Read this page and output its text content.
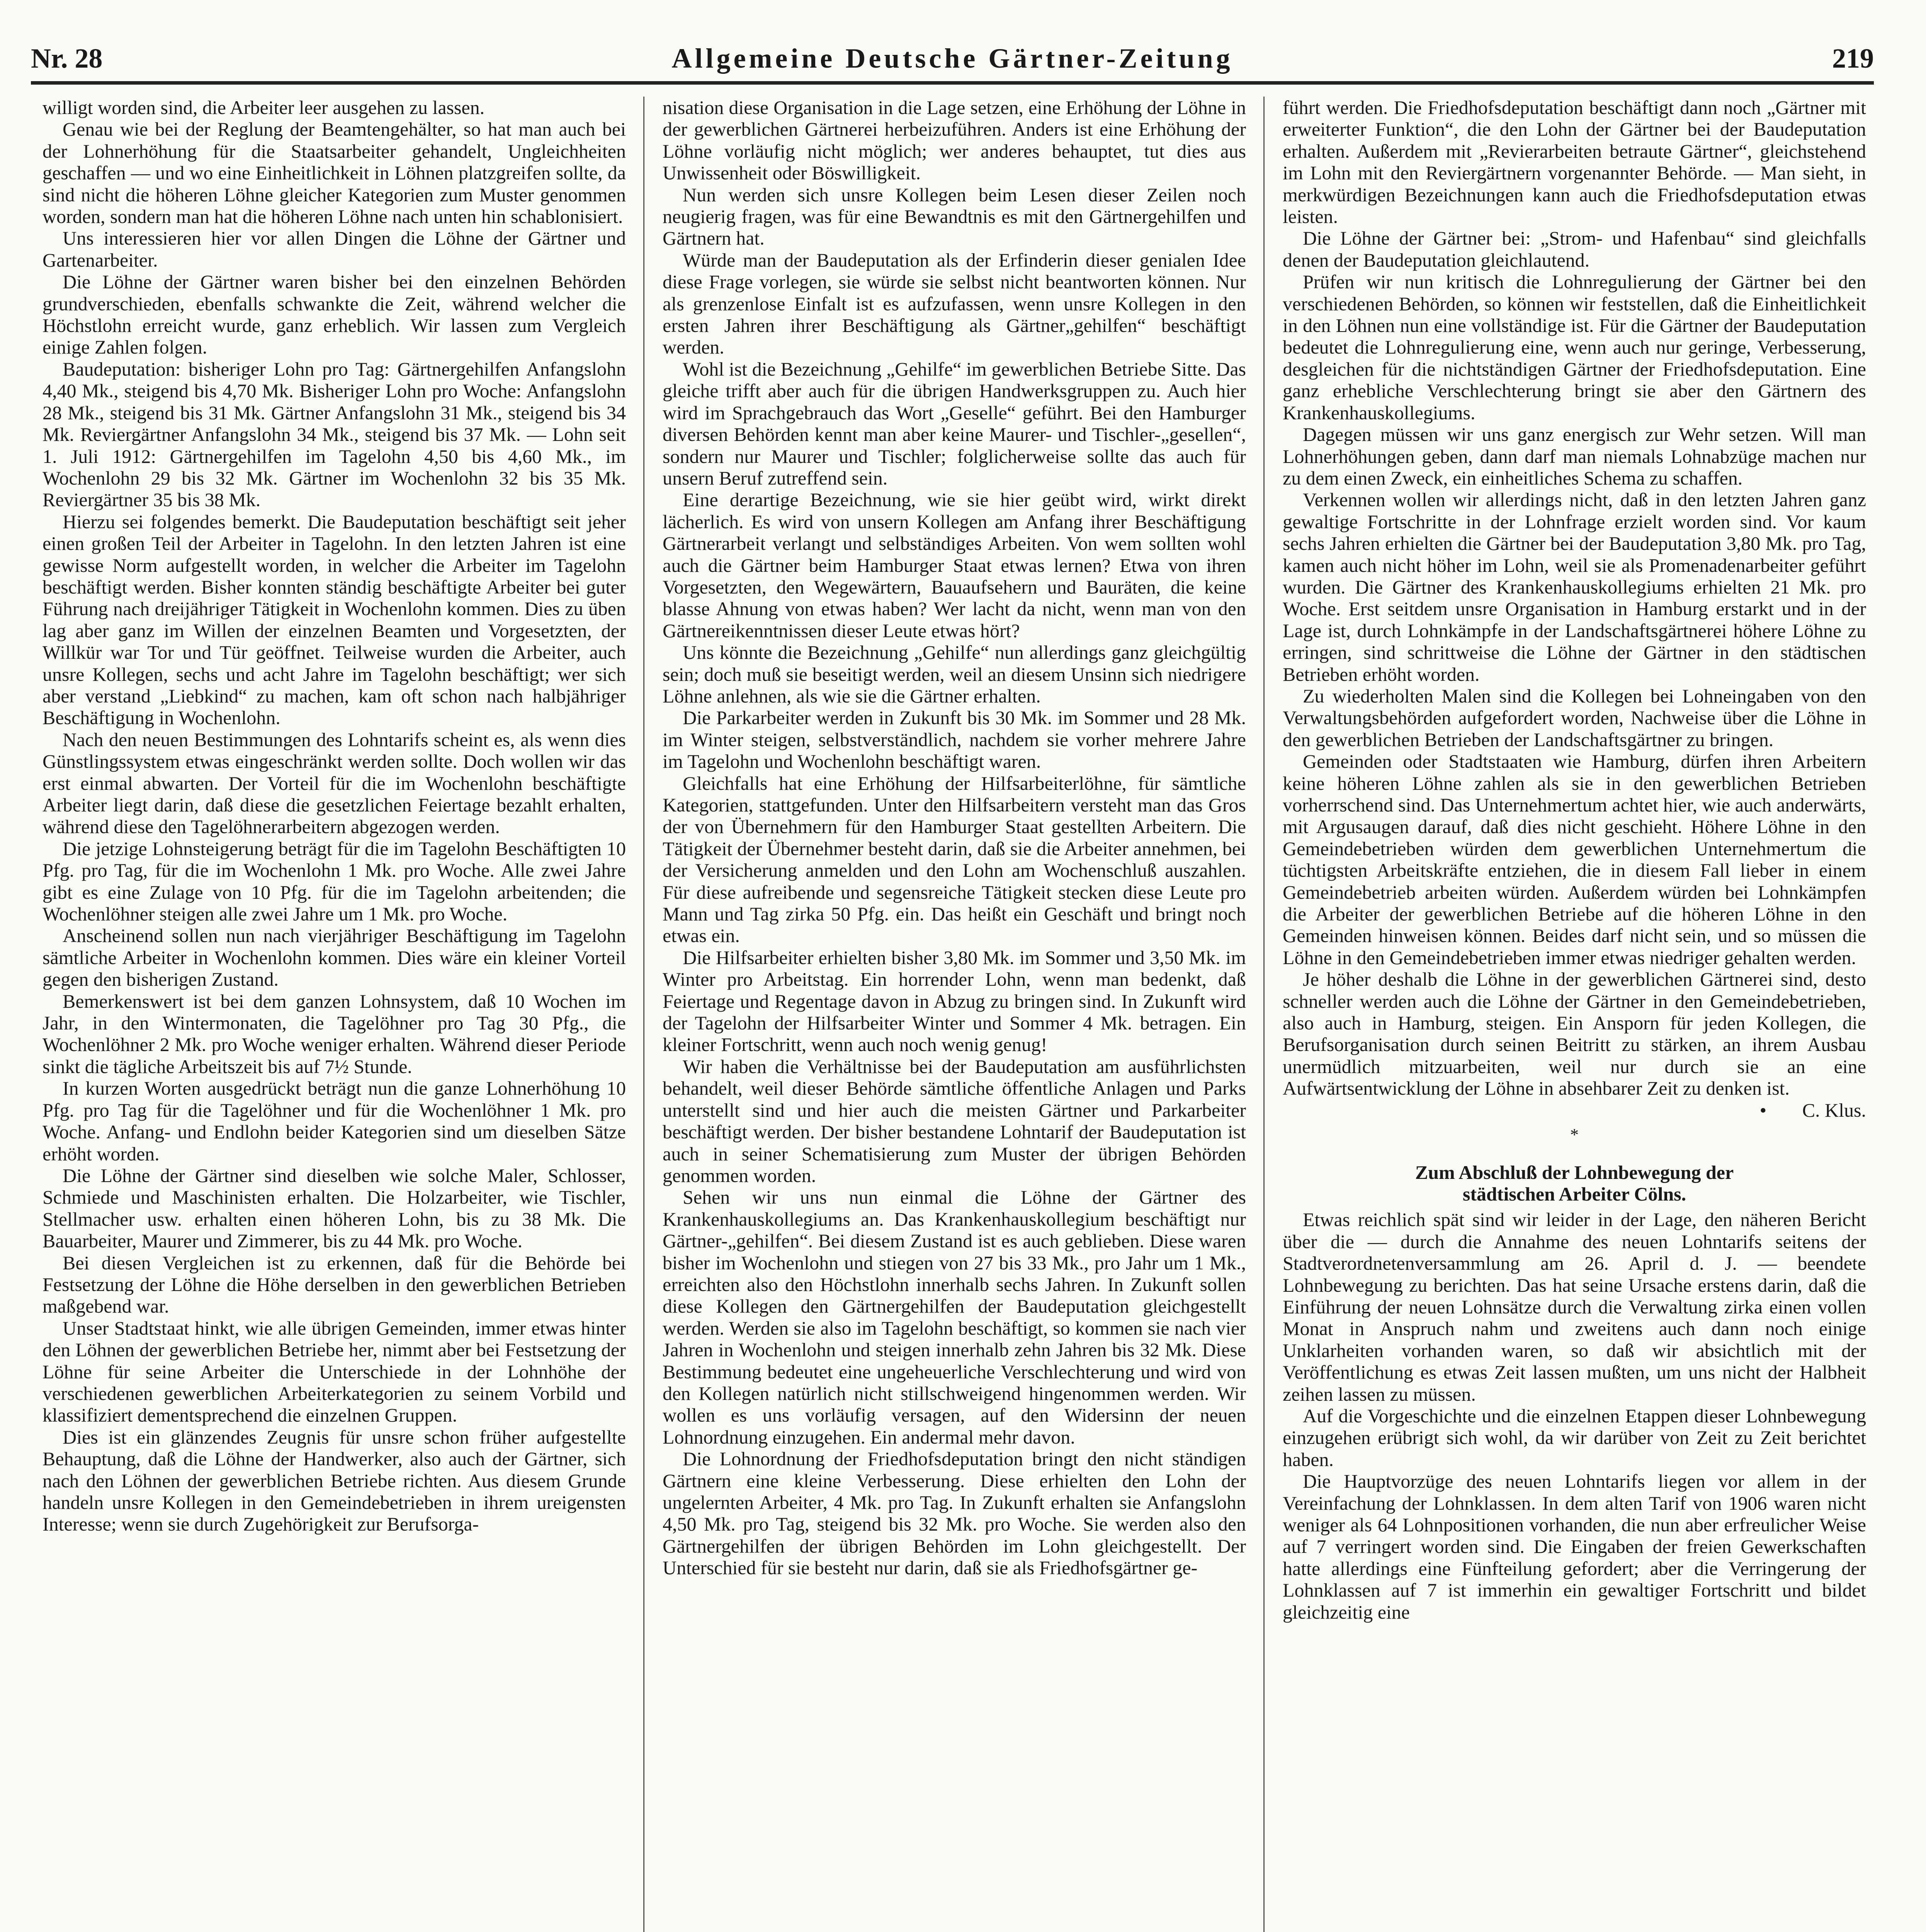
Nr. 28	Allgemeine Deutsche Gärtner-Zeitung	219

willigt worden sind, die Arbeiter leer ausgehen zu lassen.

Genau wie bei der Reglung der Beamtengehälter, so hat man auch bei der Lohnerhöhung für die Staatsarbeiter gehandelt, Ungleichheiten geschaffen — und wo eine Einheitlichkeit in Löhnen platzgreifen sollte, da sind nicht die höheren Löhne gleicher Kategorien zum Muster genommen worden, sondern man hat die höheren Löhne nach unten hin schablonisiert.

Uns interessieren hier vor allen Dingen die Löhne der Gärtner und Gartenarbeiter.

Die Löhne der Gärtner waren bisher bei den einzelnen Behörden grundverschieden, ebenfalls schwankte die Zeit, während welcher die Höchstlohn erreicht wurde, ganz erheblich. Wir lassen zum Vergleich einige Zahlen folgen.

Baudeputation: bisheriger Lohn pro Tag: Gärtnergehilfen Anfangslohn 4,40 Mk., steigend bis 4,70 Mk. Bisheriger Lohn pro Woche: Anfangslohn 28 Mk., steigend bis 31 Mk. Gärtner Anfangslohn 31 Mk., steigend bis 34 Mk. Reviergärtner Anfangslohn 34 Mk., steigend bis 37 Mk. — Lohn seit 1. Juli 1912: Gärtnergehilfen im Tagelohn 4,50 bis 4,60 Mk., im Wochenlohn 29 bis 32 Mk. Gärtner im Wochenlohn 32 bis 35 Mk. Reviergärtner 35 bis 38 Mk.

Hierzu sei folgendes bemerkt. Die Baudeputation beschäftigt seit jeher einen großen Teil der Arbeiter in Tagelohn. In den letzten Jahren ist eine gewisse Norm aufgestellt worden, in welcher die Arbeiter im Tagelohn beschäftigt werden. Bisher konnten ständig beschäftigte Arbeiter bei guter Führung nach dreijähriger Tätigkeit in Wochenlohn kommen. Dies zu üben lag aber ganz im Willen der einzelnen Beamten und Vorgesetzten, der Willkür war Tor und Tür geöffnet. Teilweise wurden die Arbeiter, auch unsre Kollegen, sechs und acht Jahre im Tagelohn beschäftigt; wer sich aber verstand „Liebkind“ zu machen, kam oft schon nach halbjähriger Beschäftigung in Wochenlohn.

Nach den neuen Bestimmungen des Lohntarifs scheint es, als wenn dies Günstlingssystem etwas eingeschränkt werden sollte. Doch wollen wir das erst einmal abwarten. Der Vorteil für die im Wochenlohn beschäftigte Arbeiter liegt darin, daß diese die gesetzlichen Feiertage bezahlt erhalten, während diese den Tagelöhnerarbeitern abgezogen werden.

Die jetzige Lohnsteigerung beträgt für die im Tagelohn Beschäftigten 10 Pfg. pro Tag, für die im Wochenlohn 1 Mk. pro Woche. Alle zwei Jahre gibt es eine Zulage von 10 Pfg. für die im Tagelohn arbeitenden; die Wochenlöhner steigen alle zwei Jahre um 1 Mk. pro Woche.

Anscheinend sollen nun nach vierjähriger Beschäftigung im Tagelohn sämtliche Arbeiter in Wochenlohn kommen. Dies wäre ein kleiner Vorteil gegen den bisherigen Zustand.

Bemerkenswert ist bei dem ganzen Lohnsystem, daß 10 Wochen im Jahr, in den Wintermonaten, die Tagelöhner pro Tag 30 Pfg., die Wochenlöhner 2 Mk. pro Woche weniger erhalten. Während dieser Periode sinkt die tägliche Arbeitszeit bis auf 7½ Stunde.

In kurzen Worten ausgedrückt beträgt nun die ganze Lohnerhöhung 10 Pfg. pro Tag für die Tagelöhner und für die Wochenlöhner 1 Mk. pro Woche. Anfang- und Endlohn beider Kategorien sind um dieselben Sätze erhöht worden.

Die Löhne der Gärtner sind dieselben wie solche Maler, Schlosser, Schmiede und Maschinisten erhalten. Die Holzarbeiter, wie Tischler, Stellmacher usw. erhalten einen höheren Lohn, bis zu 38 Mk. Die Bauarbeiter, Maurer und Zimmerer, bis zu 44 Mk. pro Woche.

Bei diesen Vergleichen ist zu erkennen, daß für die Behörde bei Festsetzung der Löhne die Höhe derselben in den gewerblichen Betrieben maßgebend war.

Unser Stadtstaat hinkt, wie alle übrigen Gemeinden, immer etwas hinter den Löhnen der gewerblichen Betriebe her, nimmt aber bei Festsetzung der Löhne für seine Arbeiter die Unterschiede in der Lohnhöhe der verschiedenen gewerblichen Arbeiterkategorien zu seinem Vorbild und klassifiziert dementsprechend die einzelnen Gruppen.

Dies ist ein glänzendes Zeugnis für unsre schon früher aufgestellte Behauptung, daß die Löhne der Handwerker, also auch der Gärtner, sich nach den Löhnen der gewerblichen Betriebe richten. Aus diesem Grunde handeln unsre Kollegen in den Gemeindebetrieben in ihrem ureigensten Interesse; wenn sie durch Zugehörigkeit zur Berufsorga-

nisation diese Organisation in die Lage setzen, eine Erhöhung der Löhne in der gewerblichen Gärtnerei herbeizuführen. Anders ist eine Erhöhung der Löhne vorläufig nicht möglich; wer anderes behauptet, tut dies aus Unwissenheit oder Böswilligkeit.

Nun werden sich unsre Kollegen beim Lesen dieser Zeilen noch neugierig fragen, was für eine Bewandtnis es mit den Gärtnergehilfen und Gärtnern hat.

Würde man der Baudeputation als der Erfinderin dieser genialen Idee diese Frage vorlegen, sie würde sie selbst nicht beantworten können. Nur als grenzenlose Einfalt ist es aufzufassen, wenn unsre Kollegen in den ersten Jahren ihrer Beschäftigung als Gärtner„gehilfen“ beschäftigt werden.

Wohl ist die Bezeichnung „Gehilfe“ im gewerblichen Betriebe Sitte. Das gleiche trifft aber auch für die übrigen Handwerksgruppen zu. Auch hier wird im Sprachgebrauch das Wort „Geselle“ geführt. Bei den Hamburger diversen Behörden kennt man aber keine Maurer- und Tischler-„gesellen“, sondern nur Maurer und Tischler; folglicherweise sollte das auch für unsern Beruf zutreffend sein.

Eine derartige Bezeichnung, wie sie hier geübt wird, wirkt direkt lächerlich. Es wird von unsern Kollegen am Anfang ihrer Beschäftigung Gärtnerarbeit verlangt und selbständiges Arbeiten. Von wem sollten wohl auch die Gärtner beim Hamburger Staat etwas lernen? Etwa von ihren Vorgesetzten, den Wegewärtern, Bauaufsehern und Bauräten, die keine blasse Ahnung von etwas haben? Wer lacht da nicht, wenn man von den Gärtnereikenntnissen dieser Leute etwas hört?

Uns könnte die Bezeichnung „Gehilfe“ nun allerdings ganz gleichgültig sein; doch muß sie beseitigt werden, weil an diesem Unsinn sich niedrigere Löhne anlehnen, als wie sie die Gärtner erhalten.

Die Parkarbeiter werden in Zukunft bis 30 Mk. im Sommer und 28 Mk. im Winter steigen, selbstverständlich, nachdem sie vorher mehrere Jahre im Tagelohn und Wochenlohn beschäftigt waren.

Gleichfalls hat eine Erhöhung der Hilfsarbeiterlöhne, für sämtliche Kategorien, stattgefunden. Unter den Hilfsarbeitern versteht man das Gros der von Übernehmern für den Hamburger Staat gestellten Arbeitern. Die Tätigkeit der Übernehmer besteht darin, daß sie die Arbeiter annehmen, bei der Versicherung anmelden und den Lohn am Wochenschluß auszahlen. Für diese aufreibende und segensreiche Tätigkeit stecken diese Leute pro Mann und Tag zirka 50 Pfg. ein. Das heißt ein Geschäft und bringt noch etwas ein.

Die Hilfsarbeiter erhielten bisher 3,80 Mk. im Sommer und 3,50 Mk. im Winter pro Arbeitstag. Ein horrender Lohn, wenn man bedenkt, daß Feiertage und Regentage davon in Abzug zu bringen sind. In Zukunft wird der Tagelohn der Hilfsarbeiter Winter und Sommer 4 Mk. betragen. Ein kleiner Fortschritt, wenn auch noch wenig genug!

Wir haben die Verhältnisse bei der Baudeputation am ausführlichsten behandelt, weil dieser Behörde sämtliche öffentliche Anlagen und Parks unterstellt sind und hier auch die meisten Gärtner und Parkarbeiter beschäftigt werden. Der bisher bestandene Lohntarif der Baudeputation ist auch in seiner Schematisierung zum Muster der übrigen Behörden genommen worden.

Sehen wir uns nun einmal die Löhne der Gärtner des Krankenhauskollegiums an. Das Krankenhauskollegium beschäftigt nur Gärtner-„gehilfen“. Bei diesem Zustand ist es auch geblieben. Diese waren bisher im Wochenlohn und stiegen von 27 bis 33 Mk., pro Jahr um 1 Mk., erreichten also den Höchstlohn innerhalb sechs Jahren. In Zukunft sollen diese Kollegen den Gärtnergehilfen der Baudeputation gleichgestellt werden. Werden sie also im Tagelohn beschäftigt, so kommen sie nach vier Jahren in Wochenlohn und steigen innerhalb zehn Jahren bis 32 Mk. Diese Bestimmung bedeutet eine ungeheuerliche Verschlechterung und wird von den Kollegen natürlich nicht stillschweigend hingenommen werden. Wir wollen es uns vorläufig versagen, auf den Widersinn der neuen Lohnordnung einzugehen. Ein andermal mehr davon.

Die Lohnordnung der Friedhofsdeputation bringt den nicht ständigen Gärtnern eine kleine Verbesserung. Diese erhielten den Lohn der ungelernten Arbeiter, 4 Mk. pro Tag. In Zukunft erhalten sie Anfangslohn 4,50 Mk. pro Tag, steigend bis 32 Mk. pro Woche. Sie werden also den Gärtnergehilfen der übrigen Behörden im Lohn gleichgestellt. Der Unterschied für sie besteht nur darin, daß sie als Friedhofsgärtner ge-

führt werden. Die Friedhofsdeputation beschäftigt dann noch „Gärtner mit erweiterter Funktion“, die den Lohn der Gärtner bei der Baudeputation erhalten. Außerdem mit „Revierarbeiten betraute Gärtner“, gleichstehend im Lohn mit den Reviergärtnern vorgenannter Behörde. — Man sieht, in merkwürdigen Bezeichnungen kann auch die Friedhofsdeputation etwas leisten.

Die Löhne der Gärtner bei: „Strom- und Hafenbau“ sind gleichfalls denen der Baudeputation gleichlautend.

Prüfen wir nun kritisch die Lohnregulierung der Gärtner bei den verschiedenen Behörden, so können wir feststellen, daß die Einheitlichkeit in den Löhnen nun eine vollständige ist. Für die Gärtner der Baudeputation bedeutet die Lohnregulierung eine, wenn auch nur geringe, Verbesserung, desgleichen für die nichtständigen Gärtner der Friedhofsdeputation. Eine ganz erhebliche Verschlechterung bringt sie aber den Gärtnern des Krankenhauskollegiums.

Dagegen müssen wir uns ganz energisch zur Wehr setzen. Will man Lohnerhöhungen geben, dann darf man niemals Lohnabzüge machen nur zu dem einen Zweck, ein einheitliches Schema zu schaffen.

Verkennen wollen wir allerdings nicht, daß in den letzten Jahren ganz gewaltige Fortschritte in der Lohnfrage erzielt worden sind. Vor kaum sechs Jahren erhielten die Gärtner bei der Baudeputation 3,80 Mk. pro Tag, kamen auch nicht höher im Lohn, weil sie als Promenadenarbeiter geführt wurden. Die Gärtner des Krankenhauskollegiums erhielten 21 Mk. pro Woche. Erst seitdem unsre Organisation in Hamburg erstarkt und in der Lage ist, durch Lohnkämpfe in der Landschaftsgärtnerei höhere Löhne zu erringen, sind schrittweise die Löhne der Gärtner in den städtischen Betrieben erhöht worden.

Zu wiederholten Malen sind die Kollegen bei Lohneingaben von den Verwaltungsbehörden aufgefordert worden, Nachweise über die Löhne in den gewerblichen Betrieben der Landschaftsgärtner zu bringen.

Gemeinden oder Stadtstaaten wie Hamburg, dürfen ihren Arbeitern keine höheren Löhne zahlen als sie in den gewerblichen Betrieben vorherrschend sind. Das Unternehmertum achtet hier, wie auch anderwärts, mit Argusaugen darauf, daß dies nicht geschieht. Höhere Löhne in den Gemeindebetrieben würden dem gewerblichen Unternehmertum die tüchtigsten Arbeitskräfte entziehen, die in diesem Fall lieber in einem Gemeindebetrieb arbeiten würden. Außerdem würden bei Lohnkämpfen die Arbeiter der gewerblichen Betriebe auf die höheren Löhne in den Gemeinden hinweisen können. Beides darf nicht sein, und so müssen die Löhne in den Gemeindebetrieben immer etwas niedriger gehalten werden.

Je höher deshalb die Löhne in der gewerblichen Gärtnerei sind, desto schneller werden auch die Löhne der Gärtner in den Gemeindebetrieben, also auch in Hamburg, steigen. Ein Ansporn für jeden Kollegen, die Berufsorganisation durch seinen Beitritt zu stärken, an ihrem Ausbau unermüdlich mitzuarbeiten, weil nur durch sie an eine Aufwärtsentwicklung der Löhne in absehbarer Zeit zu denken ist.

• C. Klus.

*
Zum Abschluß der Lohnbewegung der
städtischen Arbeiter Cölns.

Etwas reichlich spät sind wir leider in der Lage, den näheren Bericht über die — durch die Annahme des neuen Lohntarifs seitens der Stadtverordnetenversammlung am 26. April d. J. — beendete Lohnbewegung zu berichten. Das hat seine Ursache erstens darin, daß die Einführung der neuen Lohnsätze durch die Verwaltung zirka einen vollen Monat in Anspruch nahm und zweitens auch dann noch einige Unklarheiten vorhanden waren, so daß wir absichtlich mit der Veröffentlichung es etwas Zeit lassen mußten, um uns nicht der Halbheit zeihen lassen zu müssen.

Auf die Vorgeschichte und die einzelnen Etappen dieser Lohnbewegung einzugehen erübrigt sich wohl, da wir darüber von Zeit zu Zeit berichtet haben.

Die Hauptvorzüge des neuen Lohntarifs liegen vor allem in der Vereinfachung der Lohnklassen. In dem alten Tarif von 1906 waren nicht weniger als 64 Lohnpositionen vorhanden, die nun aber erfreulicher Weise auf 7 verringert worden sind. Die Eingaben der freien Gewerkschaften hatte allerdings eine Fünfteilung gefordert; aber die Verringerung der Lohnklassen auf 7 ist immerhin ein gewaltiger Fortschritt und bildet gleichzeitig eine
